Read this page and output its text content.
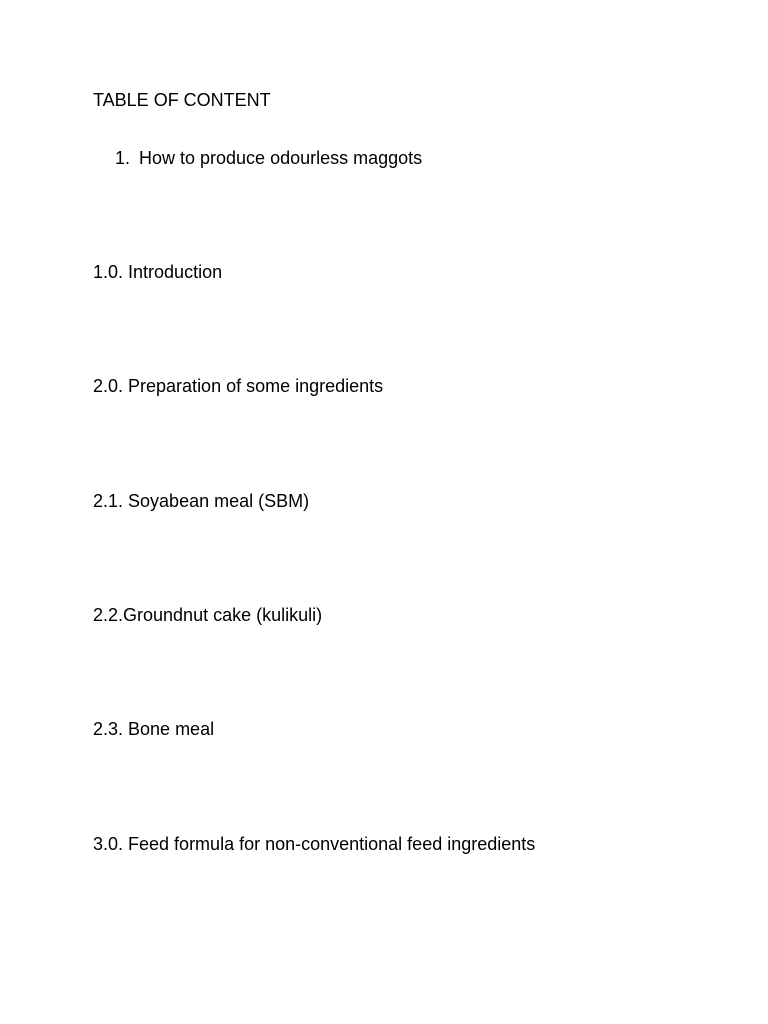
TABLE OF CONTENT
1. How to produce odourless maggots
1.0. Introduction
2.0. Preparation of some ingredients
2.1. Soyabean meal (SBM)
2.2.Groundnut cake (kulikuli)
2.3. Bone meal
3.0. Feed formula for non-conventional feed ingredients
